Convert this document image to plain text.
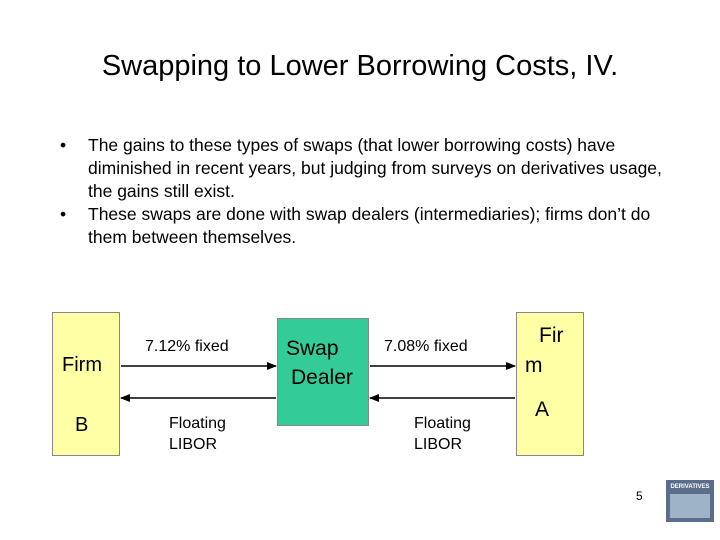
Swapping to Lower Borrowing Costs, IV.
• The gains to these types of swaps (that lower borrowing costs) have diminished in recent years, but judging from surveys on derivatives usage, the gains still exist.
• These swaps are done with swap dealers (intermediaries); firms don’t do them between themselves.
Firm
B
Swap
Dealer
Fir
m
A
7.12% fixed
Floating
LIBOR
7.08% fixed
Floating
LIBOR
5
DERIVATIVES
